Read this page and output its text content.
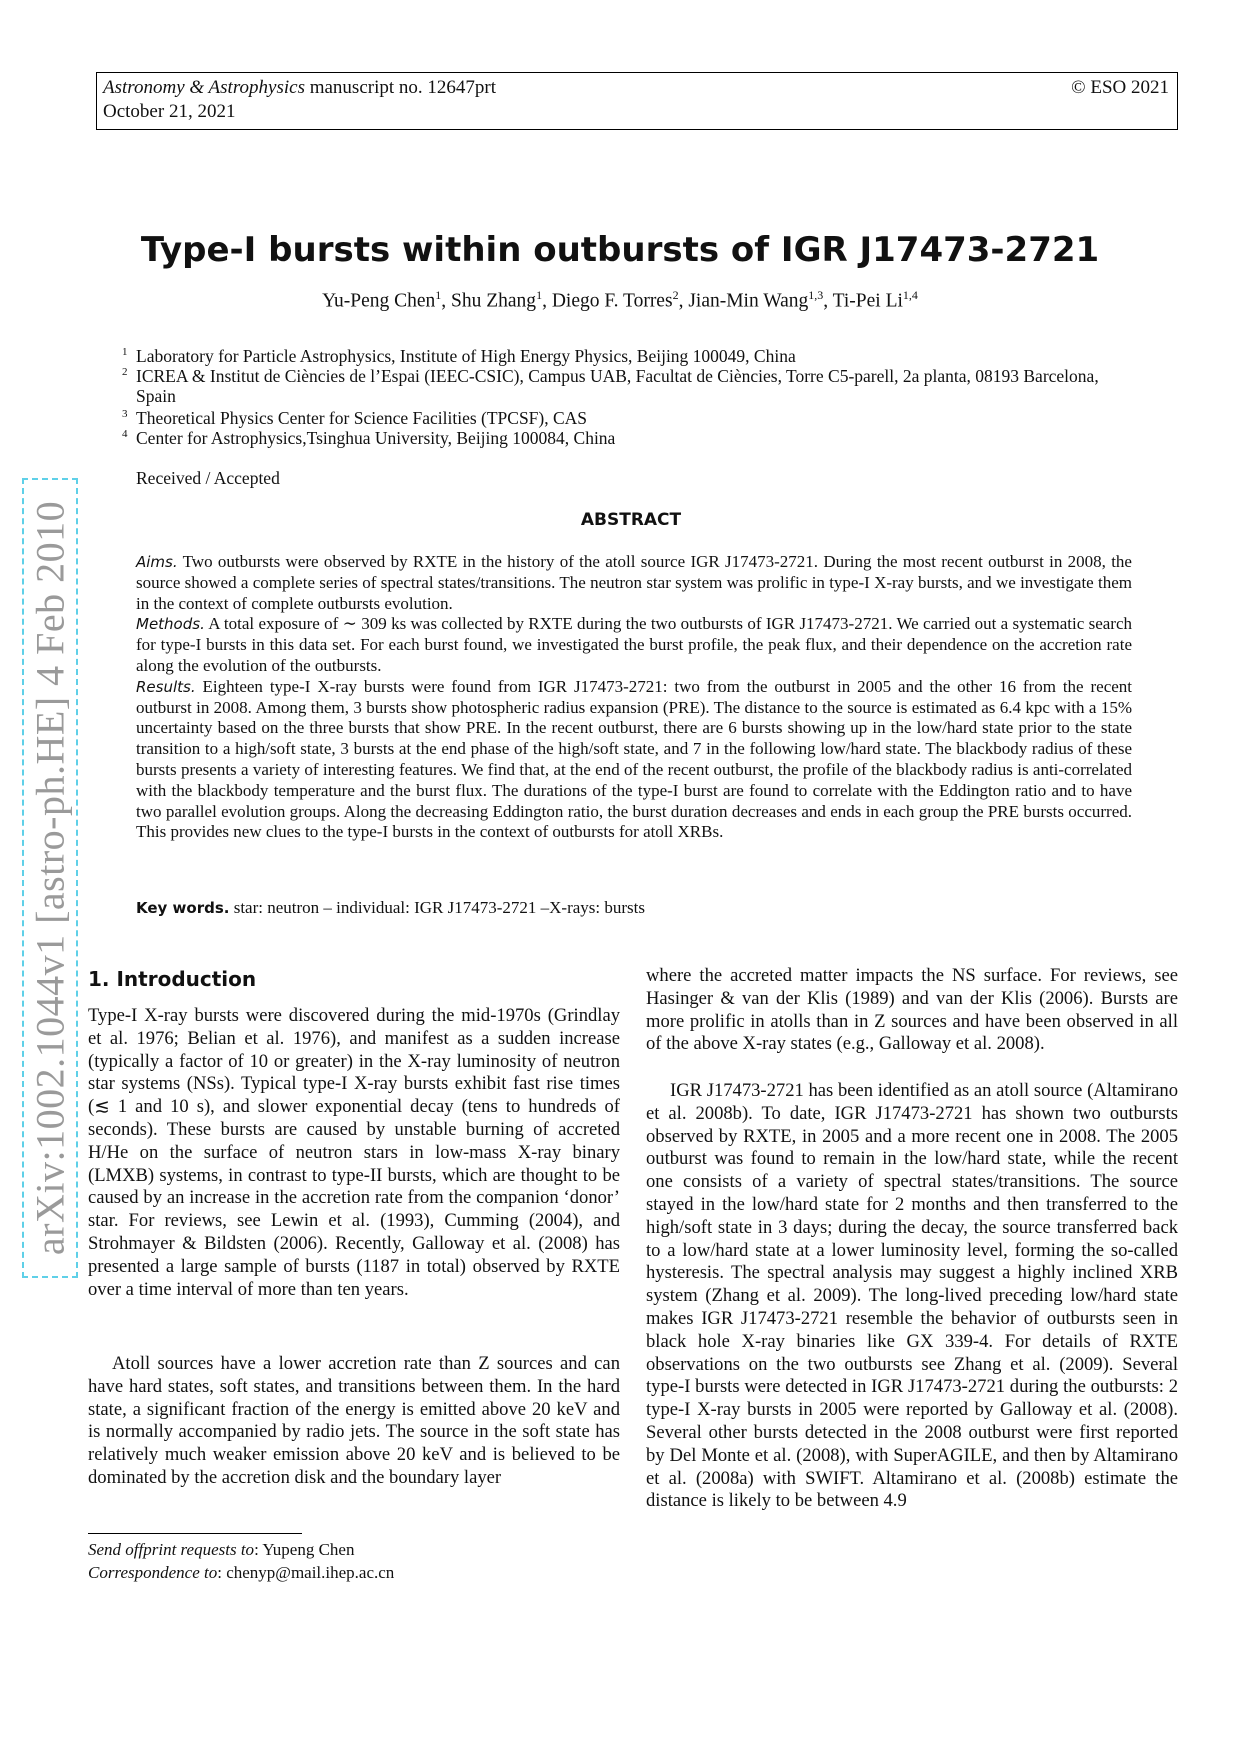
Astronomy & Astrophysics manuscript no. 12647prt	© ESO 2021
October 21, 2021
arXiv:1002.1044v1 [astro-ph.HE] 4 Feb 2010
Type-I bursts within outbursts of IGR J17473-2721
Yu-Peng Chen$^1$, Shu Zhang$^1$, Diego F. Torres$^2$, Jian-Min Wang$^{1,3}$, Ti-Pei Li$^{1,4}$
1 Laboratory for Particle Astrophysics, Institute of High Energy Physics, Beijing 100049, China
2 ICREA & Institut de Ciències de l’Espai (IEEC-CSIC), Campus UAB, Facultat de Ciències, Torre C5-parell, 2a planta, 08193 Barcelona, Spain
3 Theoretical Physics Center for Science Facilities (TPCSF), CAS
4 Center for Astrophysics,Tsinghua University, Beijing 100084, China
Received / Accepted
ABSTRACT

Aims. Two outbursts were observed by RXTE in the history of the atoll source IGR J17473-2721. During the most recent outburst in 2008, the source showed a complete series of spectral states/transitions. The neutron star system was prolific in type-I X-ray bursts, and we investigate them in the context of complete outbursts evolution.

Methods. A total exposure of ∼ 309 ks was collected by RXTE during the two outbursts of IGR J17473-2721. We carried out a systematic search for type-I bursts in this data set. For each burst found, we investigated the burst profile, the peak flux, and their dependence on the accretion rate along the evolution of the outbursts.

Results. Eighteen type-I X-ray bursts were found from IGR J17473-2721: two from the outburst in 2005 and the other 16 from the recent outburst in 2008. Among them, 3 bursts show photospheric radius expansion (PRE). The distance to the source is estimated as 6.4 kpc with a 15% uncertainty based on the three bursts that show PRE. In the recent outburst, there are 6 bursts showing up in the low/hard state prior to the state transition to a high/soft state, 3 bursts at the end phase of the high/soft state, and 7 in the following low/hard state. The blackbody radius of these bursts presents a variety of interesting features. We find that, at the end of the recent outburst, the profile of the blackbody radius is anti-correlated with the blackbody temperature and the burst flux. The durations of the type-I burst are found to correlate with the Eddington ratio and to have two parallel evolution groups. Along the decreasing Eddington ratio, the burst duration decreases and ends in each group the PRE bursts occurred. This provides new clues to the type-I bursts in the context of outbursts for atoll XRBs.

Key words. star: neutron – individual: IGR J17473-2721 –X-rays: bursts
1. Introduction

Type-I X-ray bursts were discovered during the mid-1970s (Grindlay et al. 1976; Belian et al. 1976), and manifest as a sudden increase (typically a factor of 10 or greater) in the X-ray luminosity of neutron star systems (NSs). Typical type-I X-ray bursts exhibit fast rise times (≲ 1 and 10 s), and slower exponential decay (tens to hundreds of seconds). These bursts are caused by unstable burning of accreted H/He on the surface of neutron stars in low-mass X-ray binary (LMXB) systems, in contrast to type-II bursts, which are thought to be caused by an increase in the accretion rate from the companion ‘donor’ star. For reviews, see Lewin et al. (1993), Cumming (2004), and Strohmayer & Bildsten (2006). Recently, Galloway et al. (2008) has presented a large sample of bursts (1187 in total) observed by RXTE over a time interval of more than ten years.

Atoll sources have a lower accretion rate than Z sources and can have hard states, soft states, and transitions between them. In the hard state, a significant fraction of the energy is emitted above 20 keV and is normally accompanied by radio jets. The source in the soft state has relatively much weaker emission above 20 keV and is believed to be dominated by the accretion disk and the boundary layer

where the accreted matter impacts the NS surface. For reviews, see Hasinger & van der Klis (1989) and van der Klis (2006). Bursts are more prolific in atolls than in Z sources and have been observed in all of the above X-ray states (e.g., Galloway et al. 2008).

IGR J17473-2721 has been identified as an atoll source (Altamirano et al. 2008b). To date, IGR J17473-2721 has shown two outbursts observed by RXTE, in 2005 and a more recent one in 2008. The 2005 outburst was found to remain in the low/hard state, while the recent one consists of a variety of spectral states/transitions. The source stayed in the low/hard state for 2 months and then transferred to the high/soft state in 3 days; during the decay, the source transferred back to a low/hard state at a lower luminosity level, forming the so-called hysteresis. The spectral analysis may suggest a highly inclined XRB system (Zhang et al. 2009). The long-lived preceding low/hard state makes IGR J17473-2721 resemble the behavior of outbursts seen in black hole X-ray binaries like GX 339-4. For details of RXTE observations on the two outbursts see Zhang et al. (2009). Several type-I bursts were detected in IGR J17473-2721 during the outbursts: 2 type-I X-ray bursts in 2005 were reported by Galloway et al. (2008). Several other bursts detected in the 2008 outburst were first reported by Del Monte et al. (2008), with SuperAGILE, and then by Altamirano et al. (2008a) with SWIFT. Altamirano et al. (2008b) estimate the distance is likely to be between 4.9

Send offprint requests to: Yupeng Chen
Correspondence to: chenyp@mail.ihep.ac.cn
